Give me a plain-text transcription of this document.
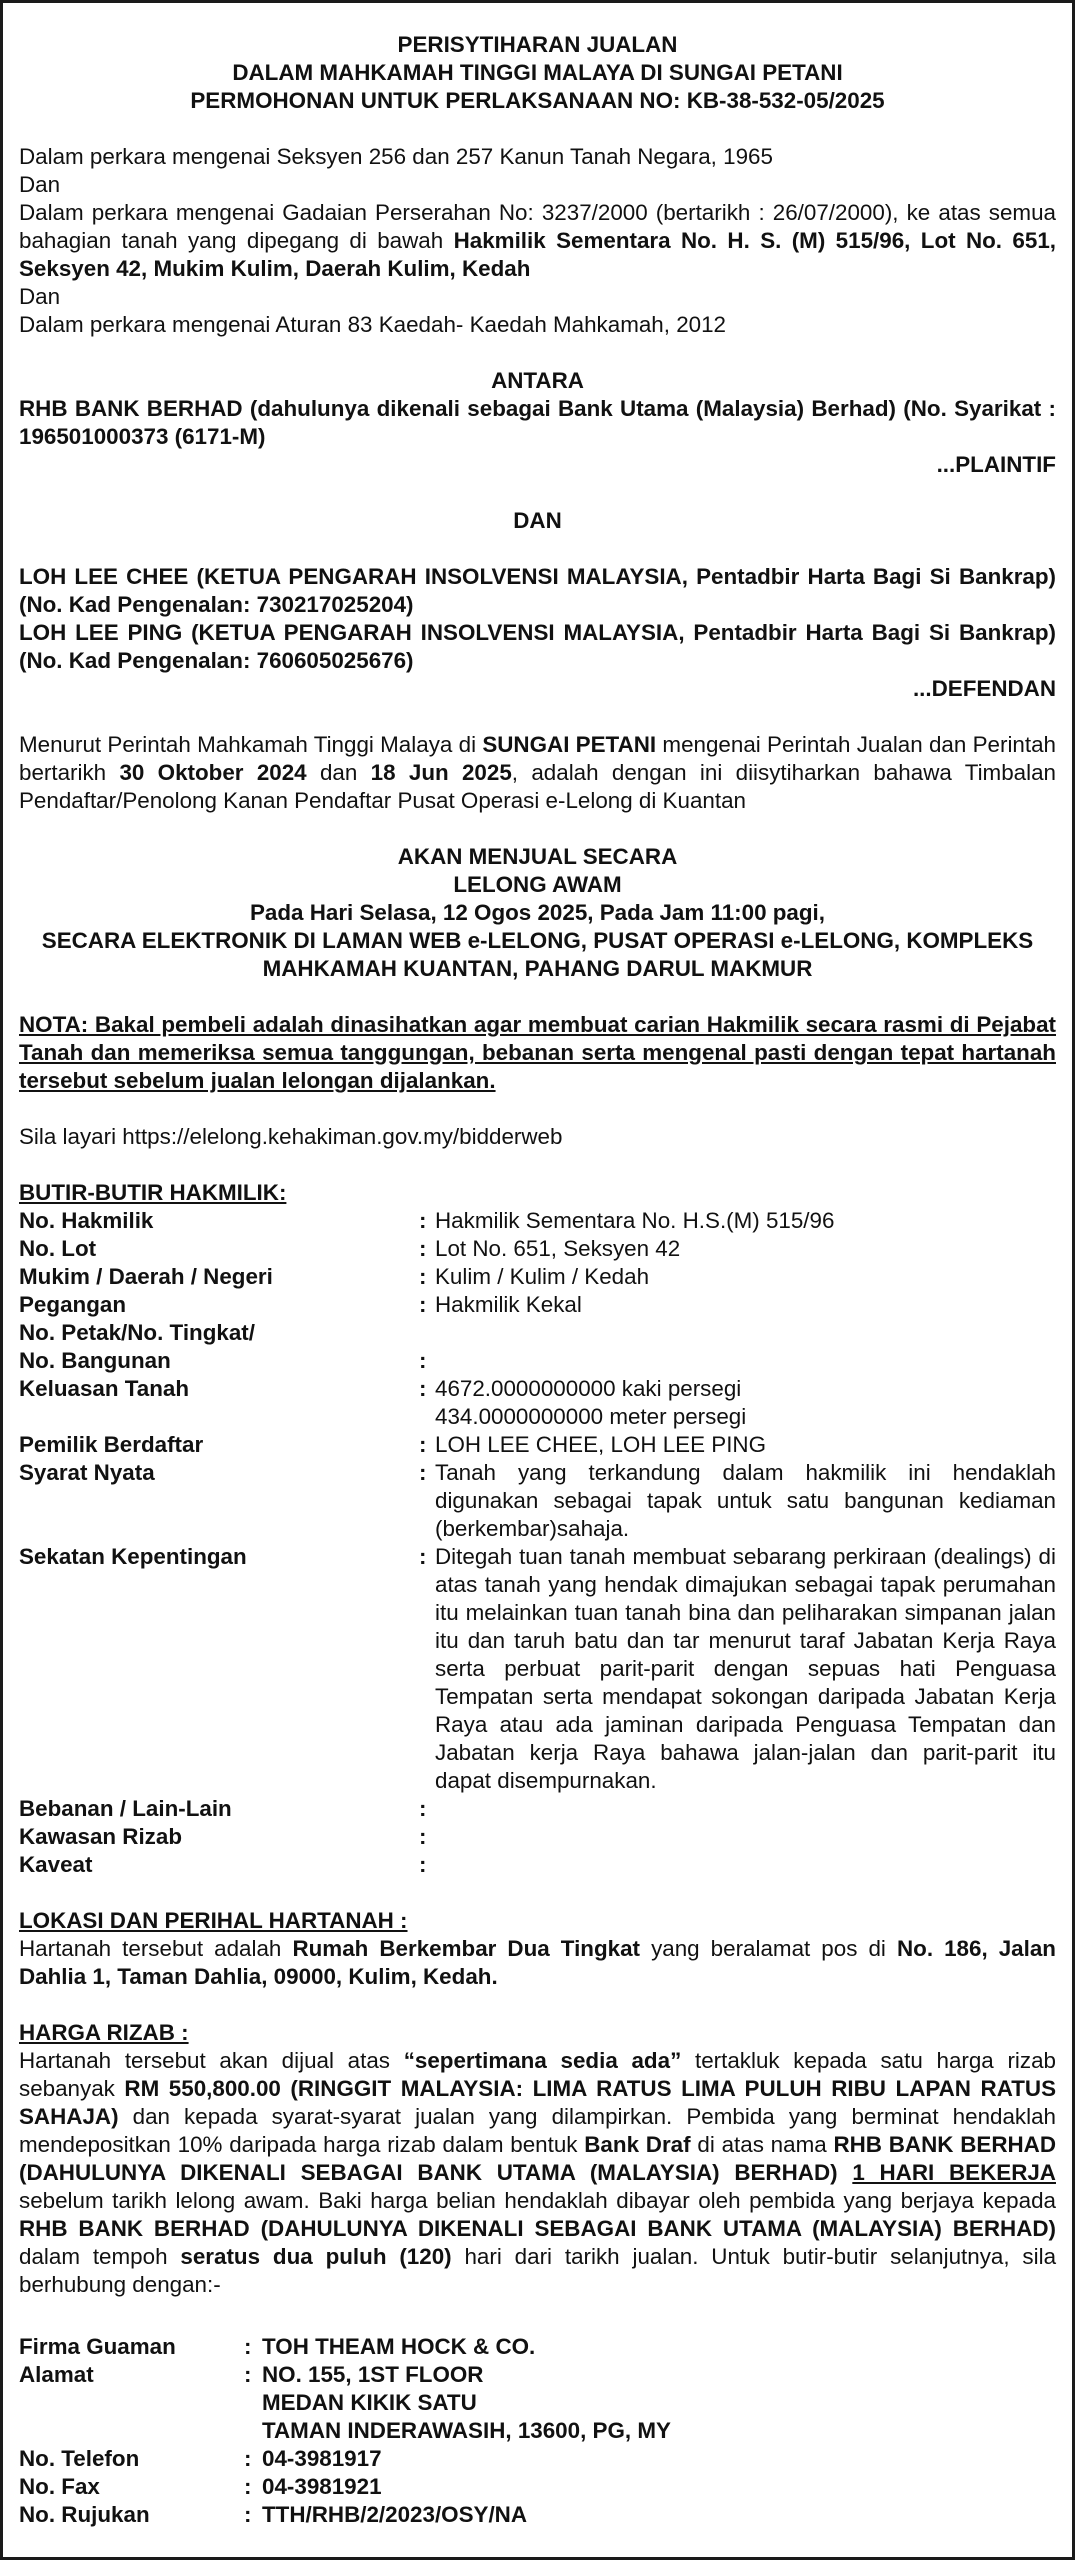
PERISYTIHARAN JUALAN
DALAM MAHKAMAH TINGGI MALAYA DI SUNGAI PETANI
PERMOHONAN UNTUK PERLAKSANAAN NO: KB-38-532-05/2025
Dalam perkara mengenai Seksyen 256 dan 257 Kanun Tanah Negara, 1965
Dan
Dalam perkara mengenai Gadaian Perserahan No: 3237/2000 (bertarikh : 26/07/2000), ke atas semua bahagian tanah yang dipegang di bawah Hakmilik Sementara No. H. S. (M) 515/96, Lot No. 651, Seksyen 42, Mukim Kulim, Daerah Kulim, Kedah
Dan
Dalam perkara mengenai Aturan 83 Kaedah- Kaedah Mahkamah, 2012
ANTARA
RHB BANK BERHAD (dahulunya dikenali sebagai Bank Utama (Malaysia) Berhad) (No. Syarikat : 196501000373 (6171-M)
...PLAINTIF
DAN
LOH LEE CHEE (KETUA PENGARAH INSOLVENSI MALAYSIA, Pentadbir Harta Bagi Si Bankrap)(No. Kad Pengenalan: 730217025204)
LOH LEE PING (KETUA PENGARAH INSOLVENSI MALAYSIA, Pentadbir Harta Bagi Si Bankrap)(No. Kad Pengenalan: 760605025676)
...DEFENDAN
Menurut Perintah Mahkamah Tinggi Malaya di SUNGAI PETANI mengenai Perintah Jualan dan Perintah bertarikh 30 Oktober 2024 dan 18 Jun 2025, adalah dengan ini diisytiharkan bahawa Timbalan Pendaftar/Penolong Kanan Pendaftar Pusat Operasi e-Lelong di Kuantan
AKAN MENJUAL SECARA
LELONG AWAM
Pada Hari Selasa, 12 Ogos 2025, Pada Jam 11:00 pagi,
SECARA ELEKTRONIK DI LAMAN WEB e-LELONG, PUSAT OPERASI e-LELONG, KOMPLEKS
MAHKAMAH KUANTAN, PAHANG DARUL MAKMUR
NOTA: Bakal pembeli adalah dinasihatkan agar membuat carian Hakmilik secara rasmi di Pejabat Tanah dan memeriksa semua tanggungan, bebanan serta mengenal pasti dengan tepat hartanah tersebut sebelum jualan lelongan dijalankan.
Sila layari https://elelong.kehakiman.gov.my/bidderweb
BUTIR-BUTIR HAKMILIK:
No. Hakmilik	:	Hakmilik Sementara No. H.S.(M) 515/96

No. Lot	:	Lot No. 651, Seksyen 42

Mukim / Daerah / Negeri	:	Kulim / Kulim / Kedah

Pegangan	:	Hakmilik Kekal

No. Petak/No. Tingkat/		

No. Bangunan	:	

Keluasan Tanah	:	4672.0000000000 kaki persegi
434.0000000000 meter persegi

Pemilik Berdaftar	:	LOH LEE CHEE, LOH LEE PING

Syarat Nyata	:	Tanah yang terkandung dalam hakmilik ini hendaklah digunakan sebagai tapak untuk satu bangunan kediaman (berkembar)sahaja.

Sekatan Kepentingan	:	Ditegah tuan tanah membuat sebarang perkiraan (dealings) di atas tanah yang hendak dimajukan sebagai tapak perumahan itu melainkan tuan tanah bina dan peliharakan simpanan jalan itu dan taruh batu dan tar menurut taraf Jabatan Kerja Raya serta perbuat parit-parit dengan sepuas hati Penguasa Tempatan serta mendapat sokongan daripada Jabatan Kerja Raya atau ada jaminan daripada Penguasa Tempatan dan Jabatan kerja Raya bahawa jalan-jalan dan parit-parit itu dapat disempurnakan.

Bebanan / Lain-Lain	:	

Kawasan Rizab	:	

Kaveat	:	
LOKASI DAN PERIHAL HARTANAH :
Hartanah tersebut adalah Rumah Berkembar Dua Tingkat yang beralamat pos di No. 186, Jalan Dahlia 1, Taman Dahlia, 09000, Kulim, Kedah.
HARGA RIZAB :
Hartanah tersebut akan dijual atas “sepertimana sedia ada” tertakluk kepada satu harga rizab sebanyak RM 550,800.00 (RINGGIT MALAYSIA: LIMA RATUS LIMA PULUH RIBU LAPAN RATUS SAHAJA) dan kepada syarat-syarat jualan yang dilampirkan. Pembida yang berminat hendaklah mendepositkan 10% daripada harga rizab dalam bentuk Bank Draf di atas nama RHB BANK BERHAD (DAHULUNYA DIKENALI SEBAGAI BANK UTAMA (MALAYSIA) BERHAD) 1 HARI BEKERJA sebelum tarikh lelong awam. Baki harga belian hendaklah dibayar oleh pembida yang berjaya kepada RHB BANK BERHAD (DAHULUNYA DIKENALI SEBAGAI BANK UTAMA (MALAYSIA) BERHAD) dalam tempoh seratus dua puluh (120) hari dari tarikh jualan. Untuk butir-butir selanjutnya, sila berhubung dengan:-
Firma Guaman	:	TOH THEAM HOCK & CO.
Alamat	:	NO. 155, 1ST FLOOR
		MEDAN KIKIK SATU
		TAMAN INDERAWASIH, 13600, PG, MY
No. Telefon	:	04-3981917
No. Fax	:	04-3981921
No. Rujukan	:	TTH/RHB/2/2023/OSY/NA
